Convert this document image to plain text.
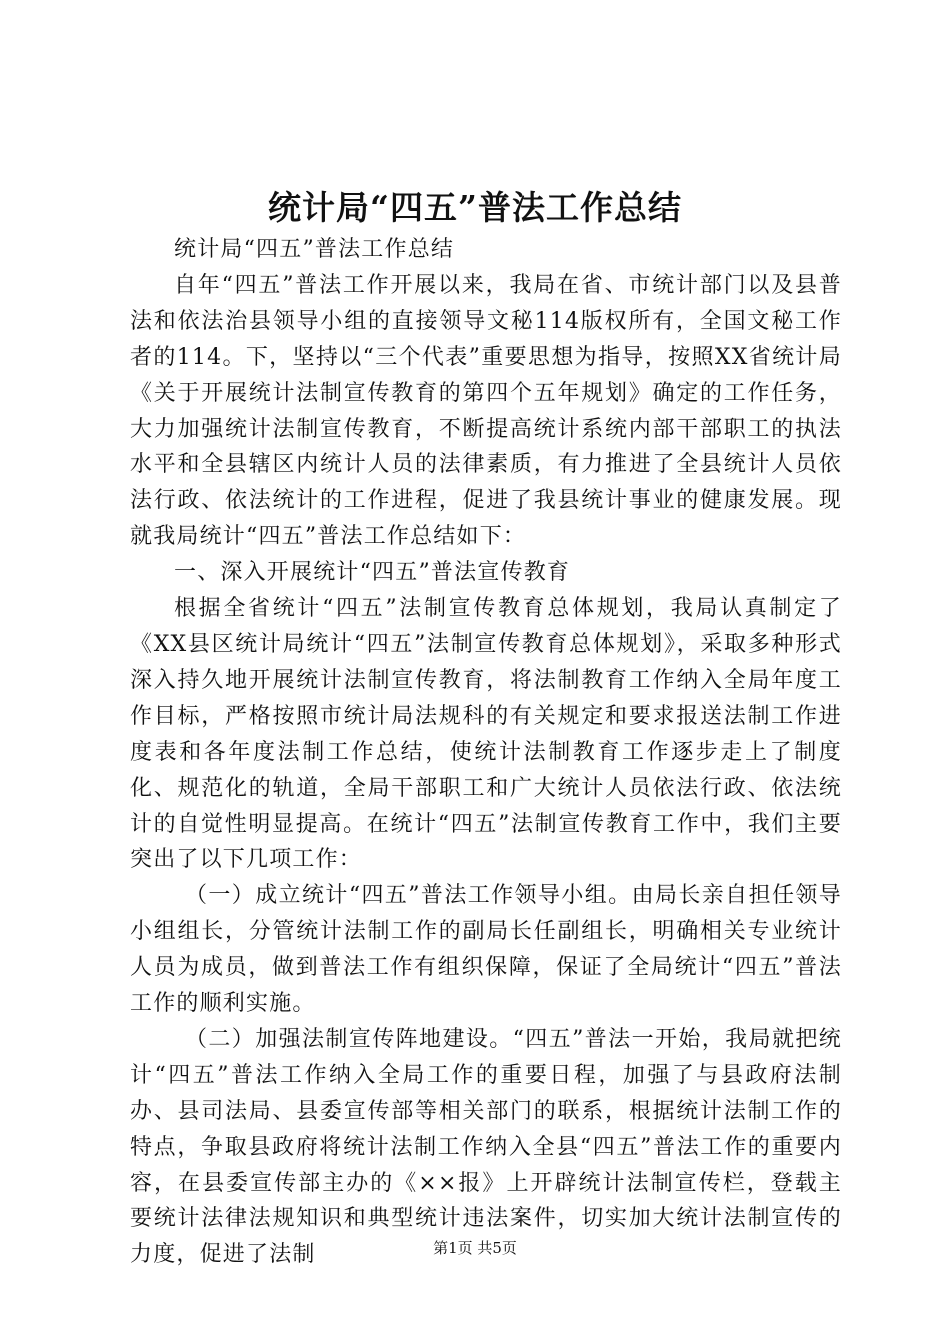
统计局“四五”普法工作总结

统计局“四五”普法工作总结

自年“四五”普法工作开展以来，我局在省、市统计部门以及县普法和依法治县领导小组的直接领导文秘114版权所有，全国文秘工作者的114。下，坚持以“三个代表”重要思想为指导，按照XX省统计局《关于开展统计法制宣传教育的第四个五年规划》确定的工作任务，大力加强统计法制宣传教育，不断提高统计系统内部干部职工的执法水平和全县辖区内统计人员的法律素质，有力推进了全县统计人员依法行政、依法统计的工作进程，促进了我县统计事业的健康发展。现就我局统计“四五”普法工作总结如下：

一、深入开展统计“四五”普法宣传教育

根据全省统计“四五”法制宣传教育总体规划，我局认真制定了《XX县区统计局统计“四五”法制宣传教育总体规划》，采取多种形式深入持久地开展统计法制宣传教育，将法制教育工作纳入全局年度工作目标，严格按照市统计局法规科的有关规定和要求报送法制工作进度表和各年度法制工作总结，使统计法制教育工作逐步走上了制度化、规范化的轨道，全局干部职工和广大统计人员依法行政、依法统计的自觉性明显提高。在统计“四五”法制宣传教育工作中，我们主要突出了以下几项工作：

（一）成立统计“四五”普法工作领导小组。由局长亲自担任领导小组组长，分管统计法制工作的副局长任副组长，明确相关专业统计人员为成员，做到普法工作有组织保障，保证了全局统计“四五”普法工作的顺利实施。

（二）加强法制宣传阵地建设。“四五”普法一开始，我局就把统计“四五”普法工作纳入全局工作的重要日程，加强了与县政府法制办、县司法局、县委宣传部等相关部门的联系，根据统计法制工作的特点，争取县政府将统计法制工作纳入全县“四五”普法工作的重要内容，在县委宣传部主办的《××报》上开辟统计法制宣传栏，登载主要统计法律法规知识和典型统计违法案件，切实加大统计法制宣传的力度，促进了法制	第1页 共5页
